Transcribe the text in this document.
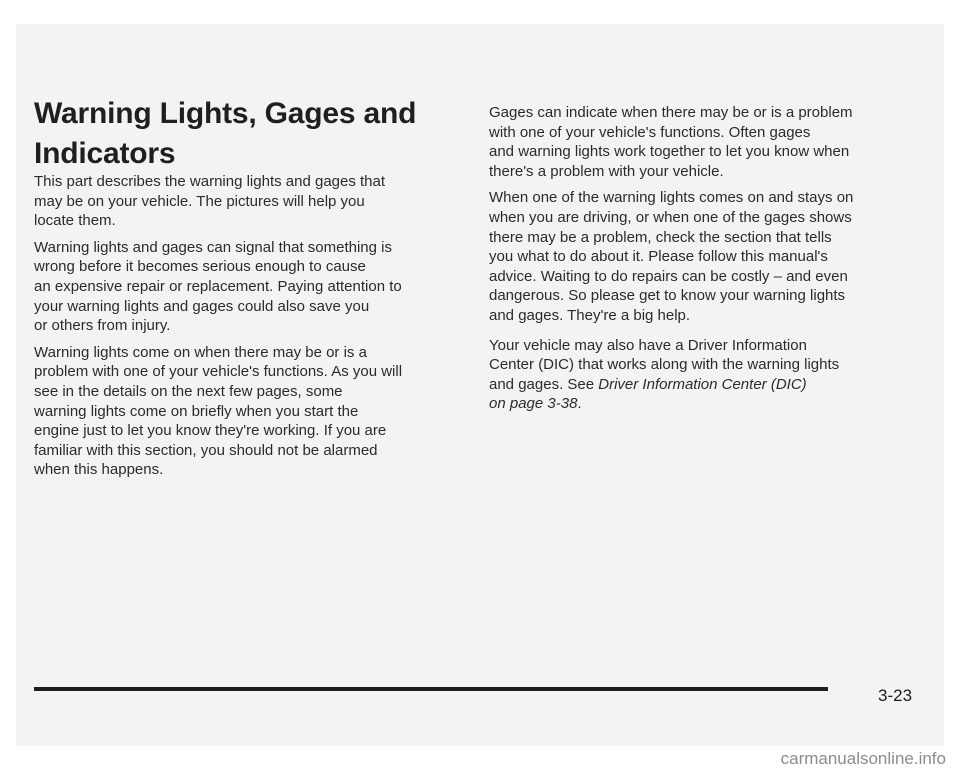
Warning Lights, Gages and Indicators

This part describes the warning lights and gages that
may be on your vehicle. The pictures will help you
locate them.

Warning lights and gages can signal that something is
wrong before it becomes serious enough to cause
an expensive repair or replacement. Paying attention to
your warning lights and gages could also save you
or others from injury.

Warning lights come on when there may be or is a
problem with one of your vehicle's functions. As you will
see in the details on the next few pages, some
warning lights come on briefly when you start the
engine just to let you know they're working. If you are
familiar with this section, you should not be alarmed
when this happens.

Gages can indicate when there may be or is a problem
with one of your vehicle's functions. Often gages
and warning lights work together to let you know when
there's a problem with your vehicle.

When one of the warning lights comes on and stays on
when you are driving, or when one of the gages shows
there may be a problem, check the section that tells
you what to do about it. Please follow this manual's
advice. Waiting to do repairs can be costly – and even
dangerous. So please get to know your warning lights
and gages. They're a big help.

Your vehicle may also have a Driver Information
Center (DIC) that works along with the warning lights
and gages. See Driver Information Center (DIC)
on page 3-38.

3-23
carmanualsonline.info
